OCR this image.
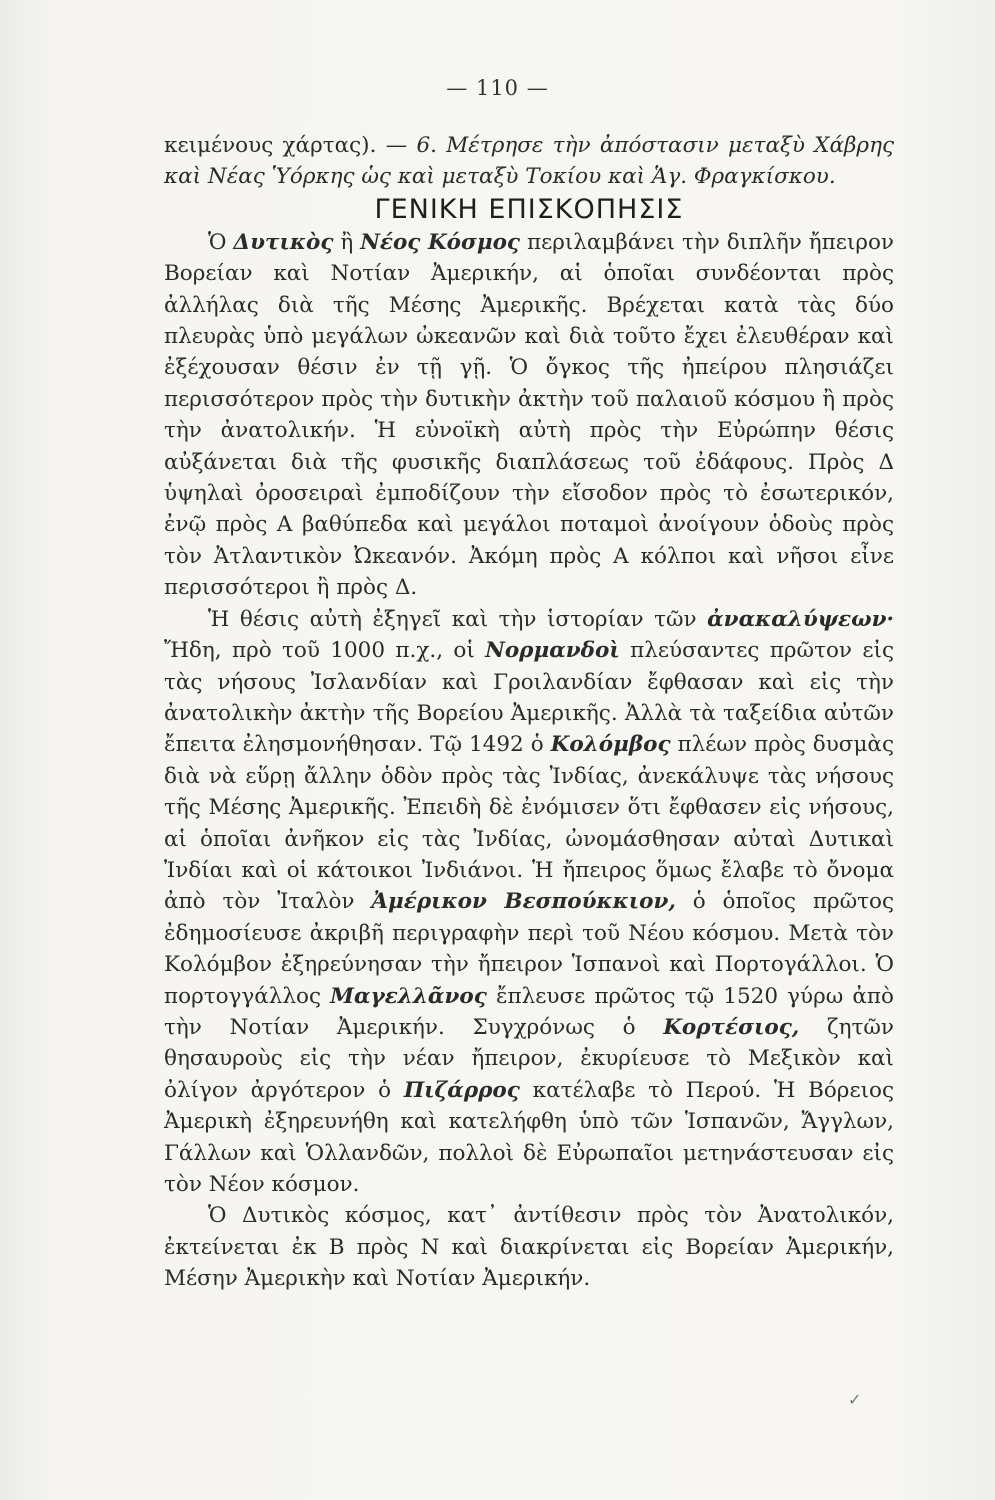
— 110 —

κειμένους χάρτας). — 6. Μέτρησε τὴν ἀπόστασιν μεταξὺ Χάβρης καὶ Νέας Ὑόρκης ὡς καὶ μεταξὺ Τοκίου καὶ Ἁγ. Φραγκίσκου.

ΓΕΝΙΚΗ ΕΠΙΣΚΟΠΗΣΙΣ

Ὁ Δυτικὸς ἢ Νέος Κόσμος περιλαμβάνει τὴν διπλῆν ἤπειρον Βορείαν καὶ Νοτίαν Ἀμερικήν, αἱ ὁποῖαι συνδέονται πρὸς ἀλλήλας διὰ τῆς Μέσης Ἀμερικῆς. Βρέχεται κατὰ τὰς δύο πλευρὰς ὑπὸ μεγάλων ὠκεανῶν καὶ διὰ τοῦτο ἔχει ἐλευθέραν καὶ ἐξέχουσαν θέσιν ἐν τῇ γῇ. Ὁ ὄγκος τῆς ἠπείρου πλησιάζει περισσότερον πρὸς τὴν δυτικὴν ἀκτὴν τοῦ παλαιοῦ κόσμου ἢ πρὸς τὴν ἀνατολικήν. Ἡ εὐνοϊκὴ αὐτὴ πρὸς τὴν Εὐρώπην θέσις αὐξάνεται διὰ τῆς φυσικῆς διαπλάσεως τοῦ ἐδάφους. Πρὸς Δ ὑψηλαὶ ὀροσειραὶ ἐμποδίζουν τὴν εἴσοδον πρὸς τὸ ἐσωτερικόν, ἐνῷ πρὸς Α βαθύπεδα καὶ μεγάλοι ποταμοὶ ἀνοίγουν ὁδοὺς πρὸς τὸν Ἀτλαντικὸν Ὠκεανόν. Ἀκόμη πρὸς Α κόλποι καὶ νῆσοι εἶνε περισσότεροι ἢ πρὸς Δ.

Ἡ θέσις αὐτὴ ἐξηγεῖ καὶ τὴν ἱστορίαν τῶν ἀνακαλύψεων· Ἤδη, πρὸ τοῦ 1000 π.χ., οἱ Νορμανδοὶ πλεύσαντες πρῶτον εἰς τὰς νήσους Ἰσλανδίαν καὶ Γροιλανδίαν ἔφθασαν καὶ εἰς τὴν ἀνατολικὴν ἀκτὴν τῆς Βορείου Ἀμερικῆς. Ἀλλὰ τὰ ταξείδια αὐτῶν ἔπειτα ἐλησμονήθησαν. Τῷ 1492 ὁ Κολόμβος πλέων πρὸς δυσμὰς διὰ νὰ εὕρῃ ἄλλην ὁδὸν πρὸς τὰς Ἰνδίας, ἀνεκάλυψε τὰς νήσους τῆς Μέσης Ἀμερικῆς. Ἐπειδὴ δὲ ἐνόμισεν ὅτι ἔφθασεν εἰς νήσους, αἱ ὁποῖαι ἀνῆκον εἰς τὰς Ἰνδίας, ὠνομάσθησαν αὐταὶ Δυτικαὶ Ἰνδίαι καὶ οἱ κάτοικοι Ἰνδιάνοι. Ἡ ἤπειρος ὅμως ἔλαβε τὸ ὄνομα ἀπὸ τὸν Ἰταλὸν Ἀμέρικον Βεσπούκκιον, ὁ ὁποῖος πρῶτος ἐδημοσίευσε ἀκριβῆ περιγραφὴν περὶ τοῦ Νέου κόσμου. Μετὰ τὸν Κολόμβον ἐξηρεύνησαν τὴν ἤπειρον Ἱσπανοὶ καὶ Πορτογάλλοι. Ὁ πορτογγάλλος Μαγελλᾶνος ἔπλευσε πρῶτος τῷ 1520 γύρω ἀπὸ τὴν Νοτίαν Ἀμερικήν. Συγχρόνως ὁ Κορτέσιος, ζητῶν θησαυροὺς εἰς τὴν νέαν ἤπειρον, ἐκυρίευσε τὸ Μεξικὸν καὶ ὀλίγον ἀργότερον ὁ Πιζάρρος κατέλαβε τὸ Περού. Ἡ Βόρειος Ἀμερικὴ ἐξηρευνήθη καὶ κατελήφθη ὑπὸ τῶν Ἱσπανῶν, Ἄγγλων, Γάλλων καὶ Ὁλλανδῶν, πολλοὶ δὲ Εὐρωπαῖοι μετηνάστευσαν εἰς τὸν Νέον κόσμον.

Ὁ Δυτικὸς κόσμος, κατ᾽ ἀντίθεσιν πρὸς τὸν Ἀνατολικόν, ἐκτείνεται ἐκ Β πρὸς Ν καὶ διακρίνεται εἰς Βορείαν Ἀμερικήν, Μέσην Ἀμερικὴν καὶ Νοτίαν Ἀμερικήν.

✓
